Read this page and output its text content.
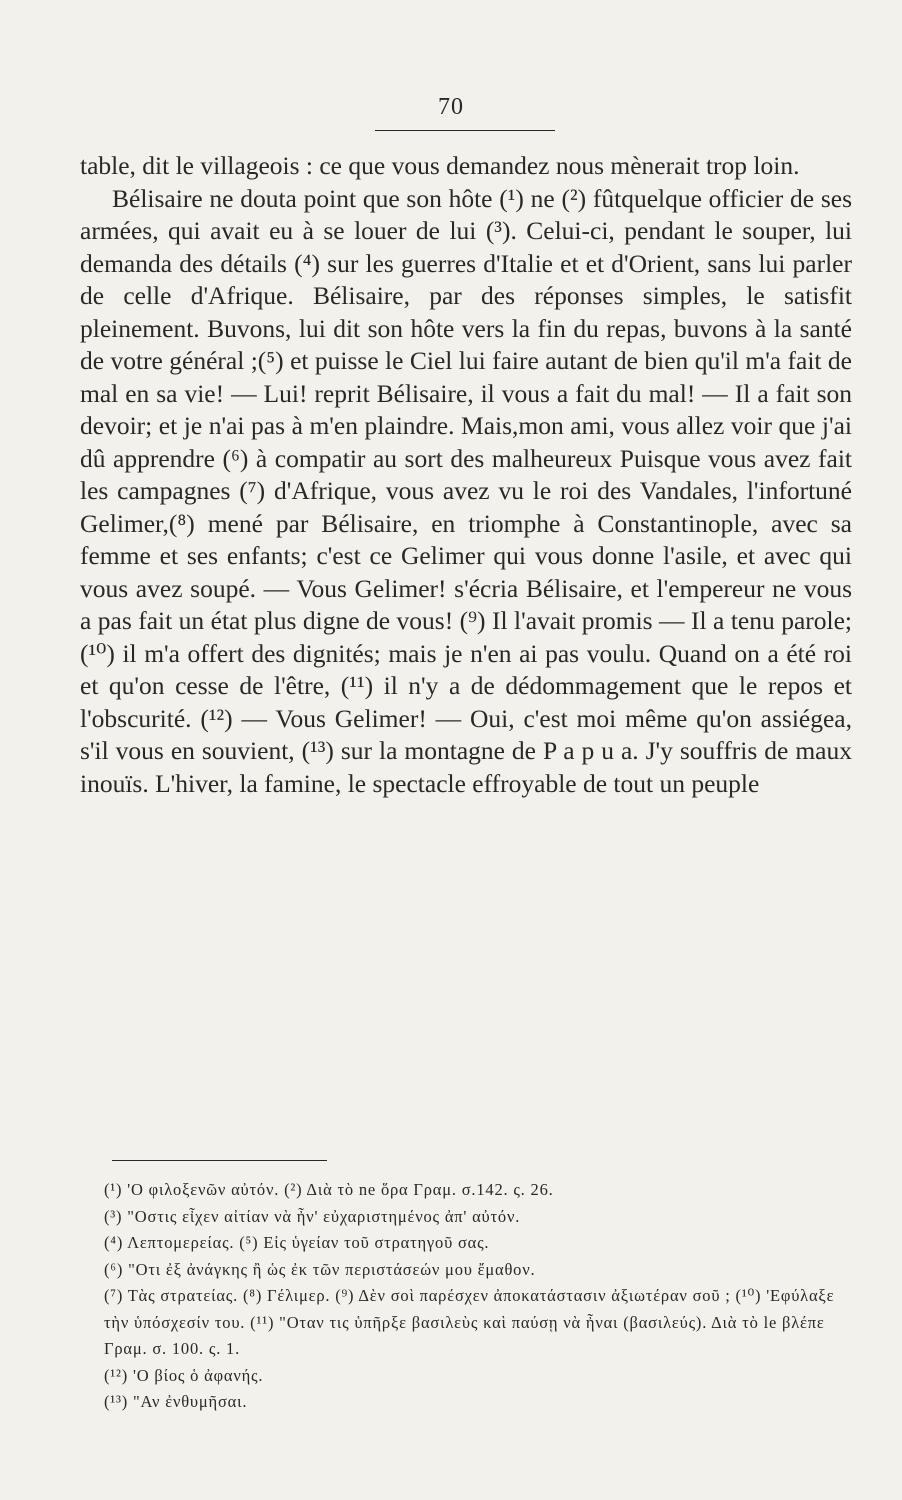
70

table, dit le villageois : ce que vous demandez nous mènerait trop loin.

Bélisaire ne douta point que son hôte (¹) ne (²) fûtquelque officier de ses armées, qui avait eu à se louer de lui (³). Celui-ci, pendant le souper, lui demanda des détails (⁴) sur les guerres d'Italie et et d'Orient, sans lui parler de celle d'Afrique. Bélisaire, par des réponses simples, le satisfit pleinement. Buvons, lui dit son hôte vers la fin du repas, buvons à la santé de votre général ;(⁵) et puisse le Ciel lui faire autant de bien qu'il m'a fait de mal en sa vie! — Lui! reprit Bélisaire, il vous a fait du mal! — Il a fait son devoir; et je n'ai pas à m'en plaindre. Mais,mon ami, vous allez voir que j'ai dû apprendre (⁶) à compatir au sort des malheureux Puisque vous avez fait les campagnes (⁷) d'Afrique, vous avez vu le roi des Vandales, l'infortuné Gelimer,(⁸) mené par Bélisaire, en triomphe à Constantinople, avec sa femme et ses enfants; c'est ce Gelimer qui vous donne l'asile, et avec qui vous avez soupé. — Vous Gelimer! s'écria Bélisaire, et l'empereur ne vous a pas fait un état plus digne de vous! (⁹) Il l'avait promis — Il a tenu parole; (¹⁰) il m'a offert des dignités; mais je n'en ai pas voulu. Quand on a été roi et qu'on cesse de l'être, (¹¹) il n'y a de dédommagement que le repos et l'obscurité. (¹²) — Vous Gelimer! — Oui, c'est moi même qu'on assiégea, s'il vous en souvient, (¹³) sur la montagne de P a p u a. J'y souffris de maux inouïs. L'hiver, la famine, le spectacle effroyable de tout un peuple

(¹) 'Ο φιλοξενῶν αὐτόν. (²) Διὰ τὸ ne ὅρα Γραμ. σ.142. ς. 26.

(³) "Οστις εἶχεν αἰτίαν νὰ ἦν' εὐχαριστημένος ἀπ' αὐτόν.

(⁴) Λεπτομερείας. (⁵) Εἰς ὑγείαν τοῦ στρατηγοῦ σας.

(⁶) "Οτι ἐξ ἀνάγκης ἢ ὡς ἐκ τῶν περιστάσεών μου ἔμαθον.

(⁷) Τὰς στρατείας. (⁸) Γέλιμερ. (⁹) Δὲν σοὶ παρέσχεν ἀποκατάστασιν ἀξιωτέραν σοῦ ; (¹⁰) 'Εφύλαξε τὴν ὑπόσχεσίν του. (¹¹) "Οταν τις ὑπῆρξε βασιλεὺς καὶ παύσῃ νὰ ἦναι (βασιλεύς). Διὰ τὸ le βλέπε Γραμ. σ. 100. ς. 1.

(¹²) 'Ο βίος ὁ ἀφανής.

(¹³) "Αν ἐνθυμῆσαι.
